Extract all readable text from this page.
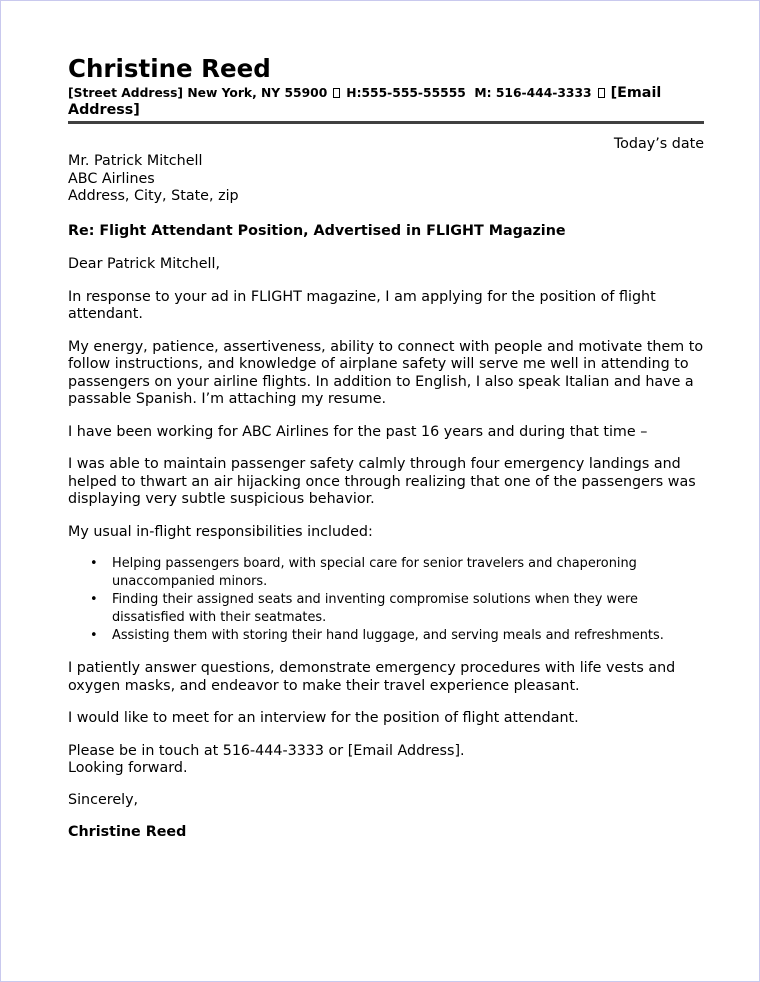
Christine Reed
[Street Address] New York, NY 55900 H:555-555-55555 M: 516-444-3333 [Email Address]
Today’s date
Mr. Patrick Mitchell
ABC Airlines
Address, City, State, zip
Re: Flight Attendant Position, Advertised in FLIGHT Magazine

Dear Patrick Mitchell,

In response to your ad in FLIGHT magazine, I am applying for the position of flight attendant.

My energy, patience, assertiveness, ability to connect with people and motivate them to follow instructions, and knowledge of airplane safety will serve me well in attending to passengers on your airline flights. In addition to English, I also speak Italian and have a passable Spanish. I’m attaching my resume.

I have been working for ABC Airlines for the past 16 years and during that time –

I was able to maintain passenger safety calmly through four emergency landings and helped to thwart an air hijacking once through realizing that one of the passengers was displaying very subtle suspicious behavior.

My usual in-flight responsibilities included:

• Helping passengers board, with special care for senior travelers and chaperoning unaccompanied minors.
• Finding their assigned seats and inventing compromise solutions when they were dissatisfied with their seatmates.
• Assisting them with storing their hand luggage, and serving meals and refreshments.

I patiently answer questions, demonstrate emergency procedures with life vests and oxygen masks, and endeavor to make their travel experience pleasant.

I would like to meet for an interview for the position of flight attendant.

Please be in touch at 516-444-3333 or [Email Address].
Looking forward.

Sincerely,

Christine Reed
